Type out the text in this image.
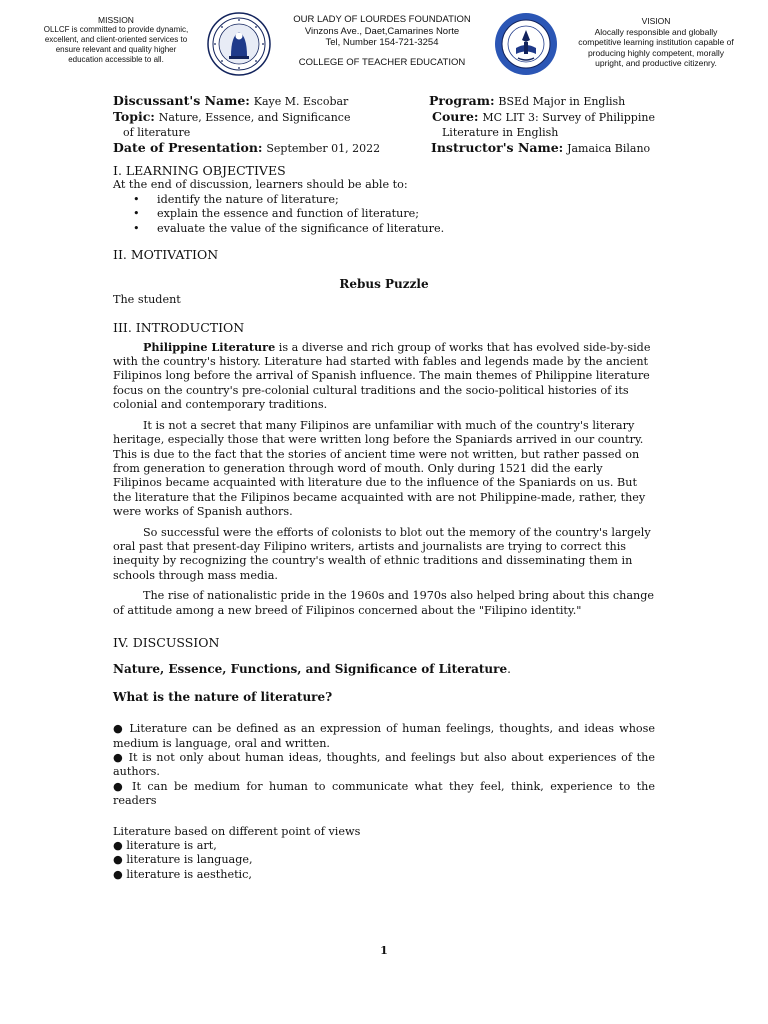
MISSION
OLLCF is committed to provide dynamic,
excellent, and client-oriented services to
ensure relevant and quality higher
education accessible to all.
OUR LADY OF LOURDES FOUNDATION
Vinzons Ave., Daet,Camarines Norte
Tel, Number 154-721-3254
COLLEGE OF TEACHER EDUCATION
VISION
Alocally responsible and globally
competitive learning institution capable of
producing highly competent, morally
upright, and productive citizenry.
Discussant's Name: Kaye M. Escobar
Topic: Nature, Essence, and Significance
of literature
Date of Presentation: September 01, 2022
Program: BSEd Major in English
Coure: MC LIT 3: Survey of Philippine
Literature in English
Instructor's Name: Jamaica Bilano
I. LEARNING OBJECTIVES
At the end of discussion, learners should be able to:
• identify the nature of literature;
• explain the essence and function of literature;
• evaluate the value of the significance of literature.
II. MOTIVATION
Rebus Puzzle
The student
III. INTRODUCTION

Philippine Literature is a diverse and rich group of works that has evolved side-by-side with the country's history. Literature had started with fables and legends made by the ancient Filipinos long before the arrival of Spanish influence. The main themes of Philippine literature focus on the country's pre-colonial cultural traditions and the socio-political histories of its colonial and contemporary traditions.

It is not a secret that many Filipinos are unfamiliar with much of the country's literary heritage, especially those that were written long before the Spaniards arrived in our country. This is due to the fact that the stories of ancient time were not written, but rather passed on from generation to generation through word of mouth. Only during 1521 did the early Filipinos became acquainted with literature due to the influence of the Spaniards on us. But the literature that the Filipinos became acquainted with are not Philippine-made, rather, they were works of Spanish authors.

So successful were the efforts of colonists to blot out the memory of the country's largely oral past that present-day Filipino writers, artists and journalists are trying to correct this inequity by recognizing the country's wealth of ethnic traditions and disseminating them in schools through mass media.

The rise of nationalistic pride in the 1960s and 1970s also helped bring about this change of attitude among a new breed of Filipinos concerned about the "Filipino identity."

IV. DISCUSSION
Nature, Essence, Functions, and Significance of Literature.
What is the nature of literature?
● Literature can be defined as an expression of human feelings, thoughts, and ideas whose medium is language, oral and written.
● It is not only about human ideas, thoughts, and feelings but also about experiences of the authors.
● It can be medium for human to communicate what they feel, think, experience to the readers
Literature based on different point of views
● literature is art,
● literature is language,
● literature is aesthetic,
1
